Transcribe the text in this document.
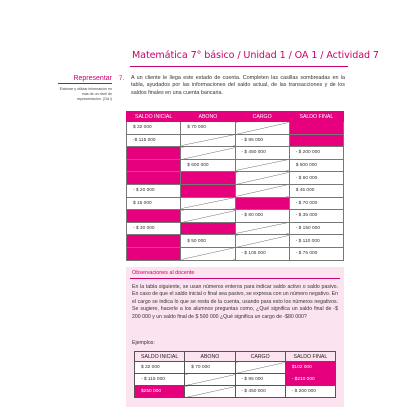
Matemática 7° básico / Unidad 1 / OA 1 / Actividad 7
Representar
Elaborar y utilizar información en más de un nivel de representación. (OA i)
7. A un cliente le llega este estado de cuenta. Completen las casillas sombreadas en la tabla, ayudados por las informaciones del saldo actual, de las transacciones y de los saldos finales en una cuenta bancaria.
SALDO INICIAL	ABONO	CARGO	SALDO FINAL
$ 32 000	$ 70 000		
-$ 115 000		- $ 95 000	
		- $ 450 000	- $ 200 000
	$ 600 000		$ 500 000
			- $ 60 000
- $ 20 000			$ 45 000
$ 15 000			- $ 70 000
		- $ 80 000	- $ 35 000
- $ 30 000			- $ 150 000
	$ 50 000		- $ 110 000
		- $ 105 000	- $ 75 000
Observaciones al docente
En la tabla siguiente, se usan números enteros para indicar saldo activo o saldo pasivo. En caso de que el saldo inicial o final sea pasivo, se expresa con un número negativo. En el cargo se indica lo que se resta de la cuenta, usando para esto los números negativos. Se sugiere, hacerle a los alumnos preguntas como, ¿Qué significa un saldo final de -$ 200 000 y un saldo final de $ 500 000 ¿Qué significa un cargo de -$80 000?
Ejemplos:
SALDO INICIAL	ABONO	CARGO	SALDO FINAL
$ 32 000	$ 70 000		$102 000
- $ 115 000		- $ 95 000	- $210 000
$250 000		- $ 450 000	- $ 200 000
